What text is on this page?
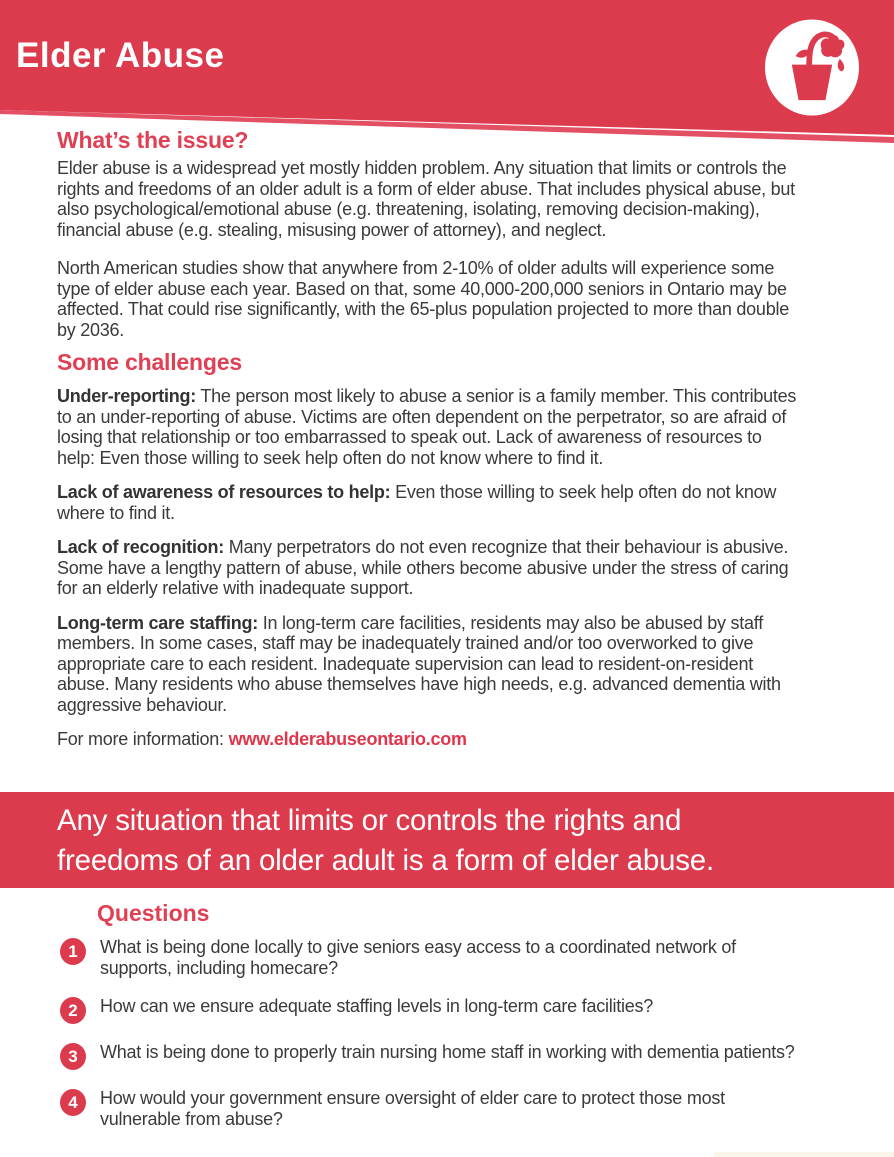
Elder Abuse
What’s the issue?

Elder abuse is a widespread yet mostly hidden problem. Any situation that limits or controls the rights and freedoms of an older adult is a form of elder abuse. That includes physical abuse, but also psychological/emotional abuse (e.g. threatening, isolating, removing decision-making), financial abuse (e.g. stealing, misusing power of attorney), and neglect.

North American studies show that anywhere from 2-10% of older adults will experience some type of elder abuse each year. Based on that, some 40,000-200,000 seniors in Ontario may be affected. That could rise significantly, with the 65-plus population projected to more than double by 2036.

Some challenges

Under-reporting: The person most likely to abuse a senior is a family member. This contributes to an under-reporting of abuse. Victims are often dependent on the perpetrator, so are afraid of losing that relationship or too embarrassed to speak out. Lack of awareness of resources to help: Even those willing to seek help often do not know where to find it.

Lack of awareness of resources to help: Even those willing to seek help often do not know where to find it.

Lack of recognition: Many perpetrators do not even recognize that their behaviour is abusive. Some have a lengthy pattern of abuse, while others become abusive under the stress of caring for an elderly relative with inadequate support.

Long-term care staffing: In long-term care facilities, residents may also be abused by staff members. In some cases, staff may be inadequately trained and/or too overworked to give appropriate care to each resident. Inadequate supervision can lead to resident-on-resident abuse. Many residents who abuse themselves have high needs, e.g. advanced dementia with aggressive behaviour.

For more information: www.elderabuseontario.com
Any situation that limits or controls the rights and
freedoms of an older adult is a form of elder abuse.
Questions
1	What is being done locally to give seniors easy access to a coordinated network of supports, including homecare?
2	How can we ensure adequate staffing levels in long-term care facilities?
3	What is being done to properly train nursing home staff in working with dementia patients?
4	How would your government ensure oversight of elder care to protect those most vulnerable from abuse?
